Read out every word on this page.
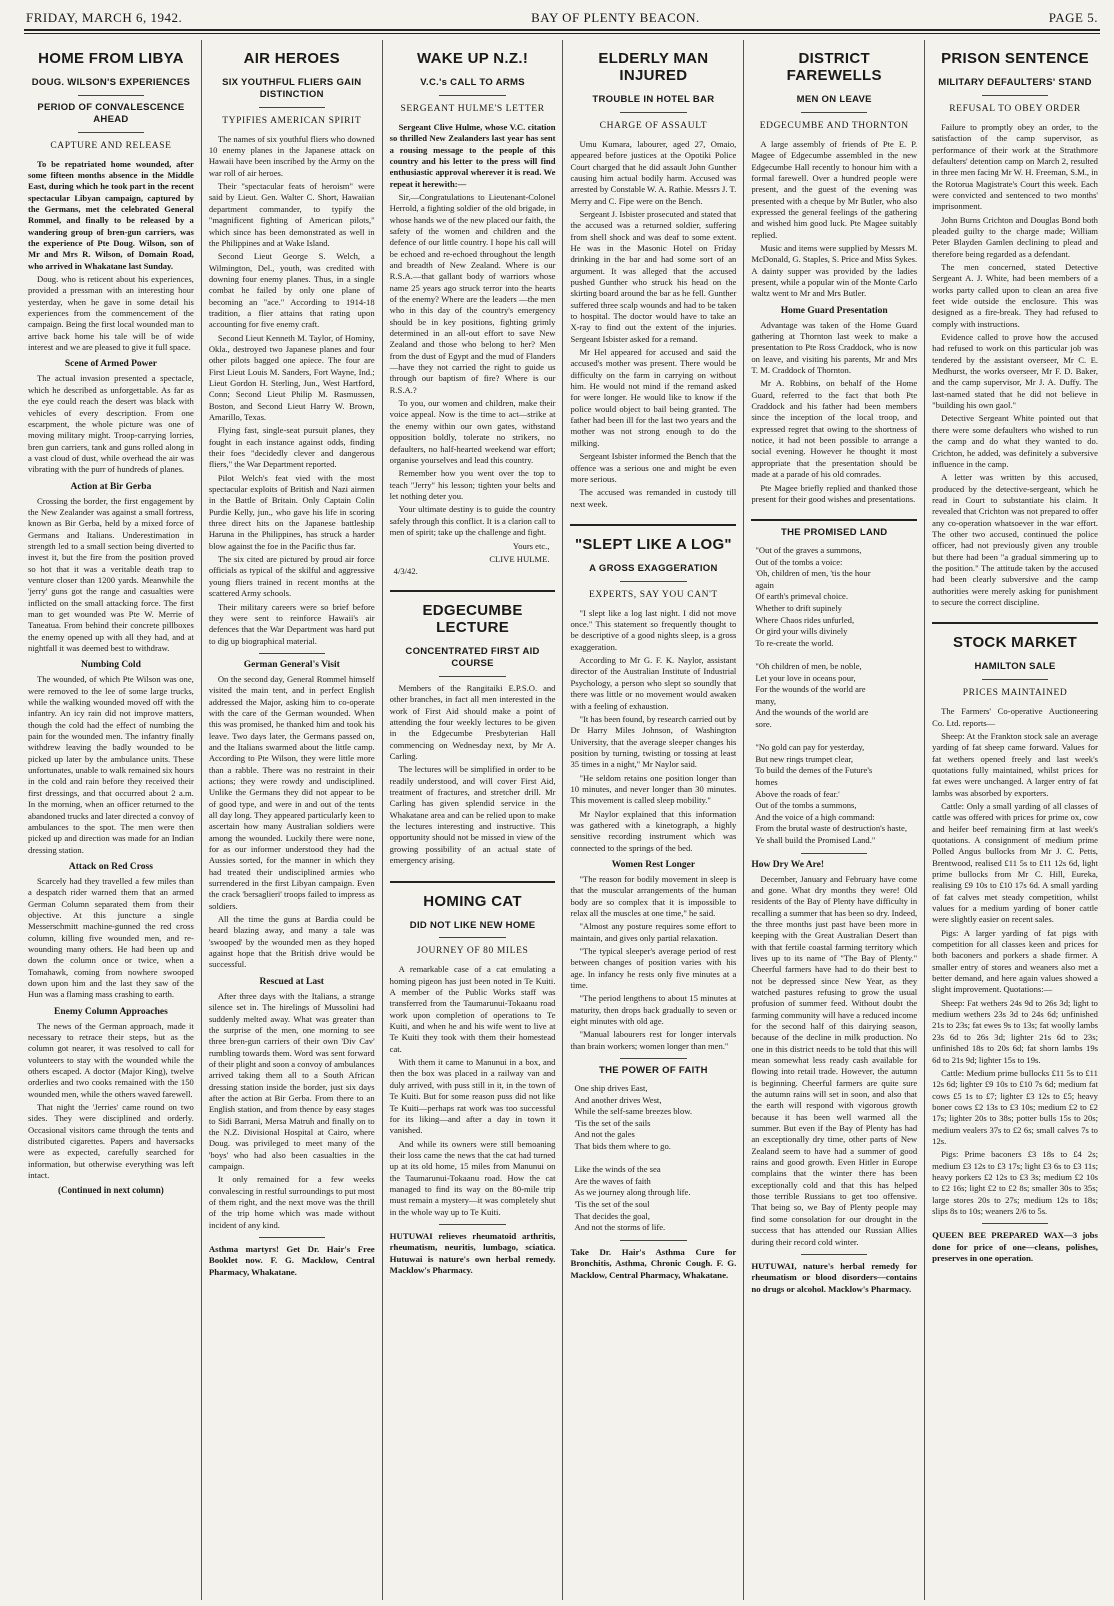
FRIDAY, MARCH 6, 1942.	BAY OF PLENTY BEACON.	PAGE 5.
HOME FROM LIBYA
DOUG. WILSON'S EXPERIENCES
PERIOD OF CONVALESCENCE AHEAD
CAPTURE AND RELEASE

To be repatriated home wounded, after some fifteen months absence in the Middle East, during which he took part in the recent spectacular Libyan campaign, captured by the Germans, met the celebrated General Rommel, and finally to be released by a wandering group of bren-gun carriers, was the experience of Pte Doug. Wilson, son of Mr and Mrs R. Wilson, of Domain Road, who arrived in Whakatane last Sunday.

Doug. who is reticent about his experiences, provided a pressman with an interesting hour yesterday, when he gave in some detail his experiences from the commencement of the campaign. Being the first local wounded man to arrive back home his tale will be of wide interest and we are pleased to give it full space.

Scene of Armed Power

The actual invasion presented a spectacle, which he described as unforgettable. As far as the eye could reach the desert was black with vehicles of every description. From one escarpment, the whole picture was one of moving military might. Troop-carrying lorries, bren gun carriers, tank and guns rolled along in a vast cloud of dust, while overhead the air was vibrating with the purr of hundreds of planes.

Action at Bir Gerba

Crossing the border, the first engagement by the New Zealander was against a small fortress, known as Bir Gerba, held by a mixed force of Germans and Italians. Underestimation in strength led to a small section being diverted to invest it, but the fire from the position proved so hot that it was a veritable death trap to venture closer than 1200 yards. Meanwhile the 'jerry' guns got the range and casualties were inflicted on the small attacking force. The first man to get wounded was Pte W. Merrie of Taneatua. From behind their concrete pillboxes the enemy opened up with all they had, and at nightfall it was deemed best to withdraw.

Numbing Cold

The wounded, of which Pte Wilson was one, were removed to the lee of some large trucks, while the walking wounded moved off with the infantry. An icy rain did not improve matters, though the cold had the effect of numbing the pain for the wounded men. The infantry finally withdrew leaving the badly wounded to be picked up later by the ambulance units. These unfortunates, unable to walk remained six hours in the cold and rain before they received their first dressings, and that occurred about 2 a.m. In the morning, when an officer returned to the abandoned trucks and later directed a convoy of ambulances to the spot. The men were then picked up and direction was made for an Indian dressing station.

Attack on Red Cross

Scarcely had they travelled a few miles than a despatch rider warned them that an armed German Column separated them from their objective. At this juncture a single Messerschmitt machine-gunned the red cross column, killing five wounded men, and re-wounding many others. He had been up and down the column once or twice, when a Tomahawk, coming from nowhere swooped down upon him and the last they saw of the Hun was a flaming mass crashing to earth.

Enemy Column Approaches

The news of the German approach, made it necessary to retrace their steps, but as the column got nearer, it was resolved to call for volunteers to stay with the wounded while the others escaped. A doctor (Major King), twelve orderlies and two cooks remained with the 150 wounded men, while the others waved farewell.

That night the 'Jerries' came round on two sides. They were disciplined and orderly. Occasional visitors came through the tents and distributed cigarettes. Papers and haversacks were as expected, carefully searched for information, but otherwise everything was left intact.

(Continued in next column)
AIR HEROES
SIX YOUTHFUL FLIERS GAIN DISTINCTION
TYPIFIES AMERICAN SPIRIT

The names of six youthful fliers who downed 10 enemy planes in the Japanese attack on Hawaii have been inscribed by the Army on the war roll of air heroes.

Their "spectacular feats of heroism" were said by Lieut. Gen. Walter C. Short, Hawaiian department commander, to typify the "magnificent fighting of American pilots," which since has been demonstrated as well in the Philippines and at Wake Island.

Second Lieut George S. Welch, a Wilmington, Del., youth, was credited with downing four enemy planes. Thus, in a single combat he failed by only one plane of becoming an "ace." According to 1914-18 tradition, a flier attains that rating upon accounting for five enemy craft.

Second Lieut Kenneth M. Taylor, of Hominy, Okla., destroyed two Japanese planes and four other pilots bagged one apiece. The four are First Lieut Louis M. Sanders, Fort Wayne, Ind.; Lieut Gordon H. Sterling, Jun., West Hartford, Conn; Second Lieut Philip M. Rasmussen, Boston, and Second Lieut Harry W. Brown, Amarillo, Texas.

Flying fast, single-seat pursuit planes, they fought in each instance against odds, finding their foes "decidedly clever and dangerous fliers," the War Department reported.

Pilot Welch's feat vied with the most spectacular exploits of British and Nazi airmen in the Battle of Britain. Only Captain Colin Purdie Kelly, jun., who gave his life in scoring three direct hits on the Japanese battleship Haruna in the Philippines, has struck a harder blow against the foe in the Pacific thus far.

The six cited are pictured by proud air force officials as typical of the skilful and aggressive young fliers trained in recent months at the scattered Army schools.

Their military careers were so brief before they were sent to reinforce Hawaii's air defences that the War Department was hard put to dig up biographical material.

German General's Visit

On the second day, General Rommel himself visited the main tent, and in perfect English addressed the Major, asking him to co-operate with the care of the German wounded. When this was promised, he thanked him and took his leave. Two days later, the Germans passed on, and the Italians swarmed about the little camp. According to Pte Wilson, they were little more than a rabble. There was no restraint in their actions; they were rowdy and undisciplined. Unlike the Germans they did not appear to be of good type, and were in and out of the tents all day long. They appeared particularly keen to ascertain how many Australian soldiers were among the wounded. Luckily there were none, for as our informer understood they had the Aussies sorted, for the manner in which they had treated their undisciplined armies who surrendered in the first Libyan campaign. Even the crack 'bersaglieri' troops failed to impress as soldiers.

All the time the guns at Bardia could be heard blazing away, and many a tale was 'swooped' by the wounded men as they hoped against hope that the British drive would be successful.

Rescued at Last

After three days with the Italians, a strange silence set in. The hirelings of Mussolini had suddenly melted away. What was greater than the surprise of the men, one morning to see three bren-gun carriers of their own 'Div Cav' rumbling towards them. Word was sent forward of their plight and soon a convoy of ambulances arrived taking them all to a South African dressing station inside the border, just six days after the action at Bir Gerba. From there to an English station, and from thence by easy stages to Sidi Barrani, Mersa Matruh and finally on to the N.Z. Divisional Hospital at Cairo, where Doug. was privileged to meet many of the 'boys' who had also been casualties in the campaign.

It only remained for a few weeks convalescing in restful surroundings to put most of them right, and the next move was the thrill of the trip home which was made without incident of any kind.

Asthma martyrs! Get Dr. Hair's Free Booklet now. F. G. Macklow, Central Pharmacy, Whakatane.

WAKE UP N.Z.!
V.C.'s CALL TO ARMS
SERGEANT HULME'S LETTER

Sergeant Clive Hulme, whose V.C. citation so thrilled New Zealanders last year has sent a rousing message to the people of this country and his letter to the press will find enthusiastic approval wherever it is read. We repeat it herewith:—

Sir,—Congratulations to Lieutenant-Colonel Herrold, a fighting soldier of the old brigade, in whose hands we of the new placed our faith, the safety of the women and children and the defence of our little country. I hope his call will be echoed and re-echoed throughout the length and breadth of New Zealand. Where is our R.S.A.—that gallant body of warriors whose name 25 years ago struck terror into the hearts of the enemy? Where are the leaders —the men who in this day of the country's emergency should be in key positions, fighting grimly determined in an all-out effort to save New Zealand and those who belong to her? Men from the dust of Egypt and the mud of Flanders—have they not carried the right to guide us through our baptism of fire? Where is our R.S.A.?

To you, our women and children, make their voice appeal. Now is the time to act—strike at the enemy within our own gates, withstand opposition boldly, tolerate no strikers, no defaulters, no half-hearted weekend war effort; organise yourselves and lead this country.

Remember how you went over the top to teach "Jerry" his lesson; tighten your belts and let nothing deter you.

Your ultimate destiny is to guide the country safely through this conflict. It is a clarion call to men of spirit; take up the challenge and fight.

Yours etc.,
CLIVE HULME.
4/3/42.
EDGECUMBE LECTURE
CONCENTRATED FIRST AID COURSE

Members of the Rangitaiki E.P.S.O. and other branches, in fact all men interested in the work of First Aid should make a point of attending the four weekly lectures to be given in the Edgecumbe Presbyterian Hall commencing on Wednesday next, by Mr A. Carling.

The lectures will be simplified in order to be readily understood, and will cover First Aid, treatment of fractures, and stretcher drill. Mr Carling has given splendid service in the Whakatane area and can be relied upon to make the lectures interesting and instructive. This opportunity should not be missed in view of the growing possibility of an actual state of emergency arising.

HOMING CAT
DID NOT LIKE NEW HOME
JOURNEY OF 80 MILES

A remarkable case of a cat emulating a homing pigeon has just been noted in Te Kuiti. A member of the Public Works staff was transferred from the Taumarunui-Tokaanu road work upon completion of operations to Te Kuiti, and when he and his wife went to live at Te Kuiti they took with them their homestead cat.

With them it came to Manunui in a box, and then the box was placed in a railway van and duly arrived, with puss still in it, in the town of Te Kuiti. But for some reason puss did not like Te Kuiti—perhaps rat work was too successful for its liking—and after a day in town it vanished.

And while its owners were still bemoaning their loss came the news that the cat had turned up at its old home, 15 miles from Manunui on the Taumarunui-Tokaanu road. How the cat managed to find its way on the 80-mile trip must remain a mystery—it was completely shut in the whole way up to Te Kuiti.

HUTUWAI relieves rheumatoid arthritis, rheumatism, neuritis, lumbago, sciatica. Hutuwai is nature's own herbal remedy. Macklow's Pharmacy.

ELDERLY MAN INJURED
TROUBLE IN HOTEL BAR
CHARGE OF ASSAULT

Umu Kumara, labourer, aged 27, Omaio, appeared before justices at the Opotiki Police Court charged that he did assault John Gunther causing him actual bodily harm. Accused was arrested by Constable W. A. Rathie. Messrs J. T. Merry and C. Fipe were on the Bench.

Sergeant J. Isbister prosecuted and stated that the accused was a returned soldier, suffering from shell shock and was deaf to some extent. He was in the Masonic Hotel on Friday drinking in the bar and had some sort of an argument. It was alleged that the accused pushed Gunther who struck his head on the skirting board around the bar as he fell. Gunther suffered three scalp wounds and had to be taken to hospital. The doctor would have to take an X-ray to find out the extent of the injuries. Sergeant Isbister asked for a remand.

Mr Hel appeared for accused and said the accused's mother was present. There would be difficulty on the farm in carrying on without him. He would not mind if the remand asked for were longer. He would like to know if the police would object to bail being granted. The father had been ill for the last two years and the mother was not strong enough to do the milking.

Sergeant Isbister informed the Bench that the offence was a serious one and might be even more serious.

The accused was remanded in custody till next week.

"SLEPT LIKE A LOG"
A GROSS EXAGGERATION
EXPERTS, SAY YOU CAN'T

"I slept like a log last night. I did not move once." This statement so frequently thought to be descriptive of a good nights sleep, is a gross exaggeration.

According to Mr G. F. K. Naylor, assistant director of the Australian Institute of Industrial Psychology, a person who slept so soundly that there was little or no movement would awaken with a feeling of exhaustion.

"It has been found, by research carried out by Dr Harry Miles Johnson, of Washington University, that the average sleeper changes his position by turning, twisting or tossing at least 35 times in a night," Mr Naylor said.

"He seldom retains one position longer than 10 minutes, and never longer than 30 minutes. This movement is called sleep mobility."

Mr Naylor explained that this information was gathered with a kinetograph, a highly sensitive recording instrument which was connected to the springs of the bed.

Women Rest Longer

"The reason for bodily movement in sleep is that the muscular arrangements of the human body are so complex that it is impossible to relax all the muscles at one time," he said.

"Almost any posture requires some effort to maintain, and gives only partial relaxation.

"The typical sleeper's average period of rest between changes of position varies with his age. In infancy he rests only five minutes at a time.

"The period lengthens to about 15 minutes at maturity, then drops back gradually to seven or eight minutes with old age.

"Manual labourers rest for longer intervals than brain workers; women longer than men."

THE POWER OF FAITH
One ship drives East,
And another drives West,
While the self-same breezes blow.
'Tis the set of the sails
And not the gales
That bids them where to go.

Like the winds of the sea
Are the waves of faith
As we journey along through life.
'Tis the set of the soul
That decides the goal,
And not the storms of life.

Take Dr. Hair's Asthma Cure for Bronchitis, Asthma, Chronic Cough. F. G. Macklow, Central Pharmacy, Whakatane.

DISTRICT FAREWELLS
MEN ON LEAVE
EDGECUMBE AND THORNTON

A large assembly of friends of Pte E. P. Magee of Edgecumbe assembled in the new Edgecumbe Hall recently to honour him with a formal farewell. Over a hundred people were present, and the guest of the evening was presented with a cheque by Mr Butler, who also expressed the general feelings of the gathering and wished him good luck. Pte Magee suitably replied.

Music and items were supplied by Messrs M. McDonald, G. Staples, S. Price and Miss Sykes. A dainty supper was provided by the ladies present, while a popular win of the Monte Carlo waltz went to Mr and Mrs Butler.

Home Guard Presentation

Advantage was taken of the Home Guard gathering at Thornton last week to make a presentation to Pte Ross Craddock, who is now on leave, and visiting his parents, Mr and Mrs T. M. Craddock of Thornton.

Mr A. Robbins, on behalf of the Home Guard, referred to the fact that both Pte Craddock and his father had been members since the inception of the local troop, and expressed regret that owing to the shortness of notice, it had not been possible to arrange a social evening. However he thought it most appropriate that the presentation should be made at a parade of his old comrades.

Pte Magee briefly replied and thanked those present for their good wishes and presentations.

THE PROMISED LAND
"Out of the graves a summons,
Out of the tombs a voice:
'Oh, children of men, 'tis the hour
again
Of earth's primeval choice.
Whether to drift supinely
Where Chaos rides unfurled,
Or gird your wills divinely
To re-create the world.

"Oh children of men, be noble,
Let your love in oceans pour,
For the wounds of the world are
many,
And the wounds of the world are
sore.

"No gold can pay for yesterday,
But new rings trumpet clear,
To build the demes of the Future's
homes
Above the roads of fear.'
Out of the tombs a summons,
And the voice of a high command:
From the brutal waste of destruction's haste,
Ye shall build the Promised Land."
How Dry We Are!

December, January and February have come and gone. What dry months they were! Old residents of the Bay of Plenty have difficulty in recalling a summer that has been so dry. Indeed, the three months just past have been more in keeping with the Great Australian Desert than with that fertile coastal farming territory which lives up to its name of "The Bay of Plenty." Cheerful farmers have had to do their best to not be depressed since New Year, as they watched pastures refusing to grow the usual profusion of summer feed. Without doubt the farming community will have a reduced income for the second half of this dairying season, because of the decline in milk production. No one in this district needs to be told that this will mean somewhat less ready cash available for flowing into retail trade. However, the autumn is beginning. Cheerful farmers are quite sure the autumn rains will set in soon, and also that the earth will respond with vigorous growth because it has been well warmed all the summer. But even if the Bay of Plenty has had an exceptionally dry time, other parts of New Zealand seem to have had a summer of good rains and good growth. Even Hitler in Europe complains that the winter there has been exceptionally cold and that this has helped those terrible Russians to get too offensive. That being so, we Bay of Plenty people may find some consolation for our drought in the success that has attended our Russian Allies during their record cold winter.

HUTUWAI, nature's herbal remedy for rheumatism or blood disorders—contains no drugs or alcohol. Macklow's Pharmacy.

PRISON SENTENCE
MILITARY DEFAULTERS' STAND
REFUSAL TO OBEY ORDER

Failure to promptly obey an order, to the satisfaction of the camp supervisor, as performance of their work at the Strathmore defaulters' detention camp on March 2, resulted in three men facing Mr W. H. Freeman, S.M., in the Rotorua Magistrate's Court this week. Each were convicted and sentenced to two months' imprisonment.

John Burns Crichton and Douglas Bond both pleaded guilty to the charge made; William Peter Blayden Gamlen declining to plead and therefore being regarded as a defendant.

The men concerned, stated Detective Sergeant A. J. White, had been members of a works party called upon to clean an area five feet wide outside the enclosure. This was designed as a fire-break. They had refused to comply with instructions.

Evidence called to prove how the accused had refused to work on this particular job was tendered by the assistant overseer, Mr C. E. Medhurst, the works overseer, Mr F. D. Baker, and the camp supervisor, Mr J. A. Duffy. The last-named stated that he did not believe in "building his own gaol."

Detective Sergeant White pointed out that there were some defaulters who wished to run the camp and do what they wanted to do. Crichton, he added, was definitely a subversive influence in the camp.

A letter was written by this accused, produced by the detective-sergeant, which he read in Court to substantiate his claim. It revealed that Crichton was not prepared to offer any co-operation whatsoever in the war effort. The other two accused, continued the police officer, had not previously given any trouble but there had been "a gradual simmering up to the position." The attitude taken by the accused had been clearly subversive and the camp authorities were merely asking for punishment to secure the correct discipline.

STOCK MARKET
HAMILTON SALE
PRICES MAINTAINED

The Farmers' Co-operative Auctioneering Co. Ltd. reports—

Sheep: At the Frankton stock sale an average yarding of fat sheep came forward. Values for fat wethers opened freely and last week's quotations fully maintained, whilst prices for fat ewes were unchanged. A larger entry of fat lambs was absorbed by exporters.

Cattle: Only a small yarding of all classes of cattle was offered with prices for prime ox, cow and heifer beef remaining firm at last week's quotations. A consignment of medium prime Polled Angus bullocks from Mr J. C. Petts, Brentwood, realised £11 5s to £11 12s 6d, light prime bullocks from Mr C. Hill, Eureka, realising £9 10s to £10 17s 6d. A small yarding of fat calves met steady competition, whilst values for a medium yarding of boner cattle were slightly easier on recent sales.

Pigs: A larger yarding of fat pigs with competition for all classes keen and prices for both baconers and porkers a shade firmer. A smaller entry of stores and weaners also met a better demand, and here again values showed a slight improvement. Quotations:—

Sheep: Fat wethers 24s 9d to 26s 3d; light to medium wethers 23s 3d to 24s 6d; unfinished 21s to 23s; fat ewes 9s to 13s; fat woolly lambs 23s 6d to 26s 3d; lighter 21s 6d to 23s; unfinished 18s to 20s 6d; fat shorn lambs 19s 6d to 21s 9d; lighter 15s to 19s.

Cattle: Medium prime bullocks £11 5s to £11 12s 6d; lighter £9 10s to £10 7s 6d; medium fat cows £5 1s to £7; lighter £3 12s to £5; heavy boner cows £2 13s to £3 10s; medium £2 to £2 17s; lighter 20s to 38s; potter bulls 15s to 20s; medium vealers 37s to £2 6s; small calves 7s to 12s.

Pigs: Prime baconers £3 18s to £4 2s; medium £3 12s to £3 17s; light £3 6s to £3 11s; heavy porkers £2 12s to £3 3s; medium £2 10s to £2 16s; light £2 to £2 8s; smaller 30s to 35s; large stores 20s to 27s; medium 12s to 18s; slips 8s to 10s; weaners 2/6 to 5s.

QUEEN BEE PREPARED WAX—3 jobs done for price of one—cleans, polishes, preserves in one operation.
